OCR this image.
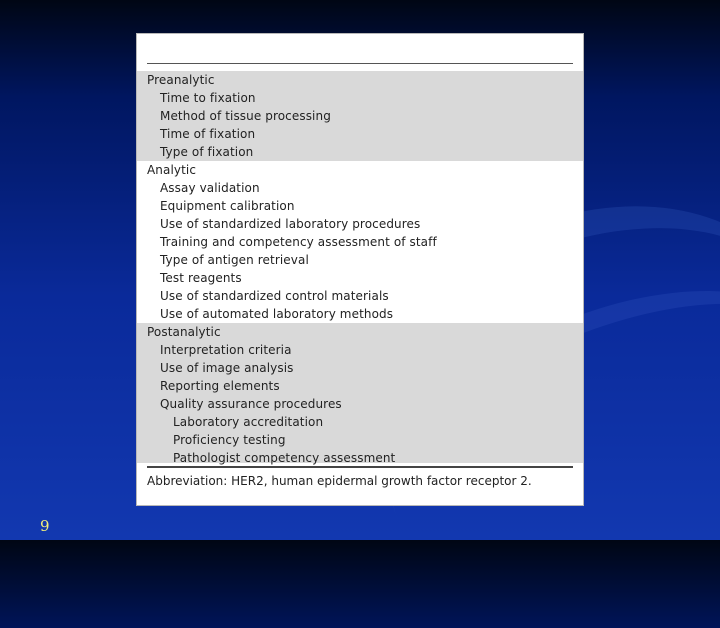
Preanalytic
Time to fixation
Method of tissue processing
Time of fixation
Type of fixation
Analytic
Assay validation
Equipment calibration
Use of standardized laboratory procedures
Training and competency assessment of staff
Type of antigen retrieval
Test reagents
Use of standardized control materials
Use of automated laboratory methods
Postanalytic
Interpretation criteria
Use of image analysis
Reporting elements
Quality assurance procedures
Laboratory accreditation
Proficiency testing
Pathologist competency assessment
Abbreviation: HER2, human epidermal growth factor receptor 2.
9
